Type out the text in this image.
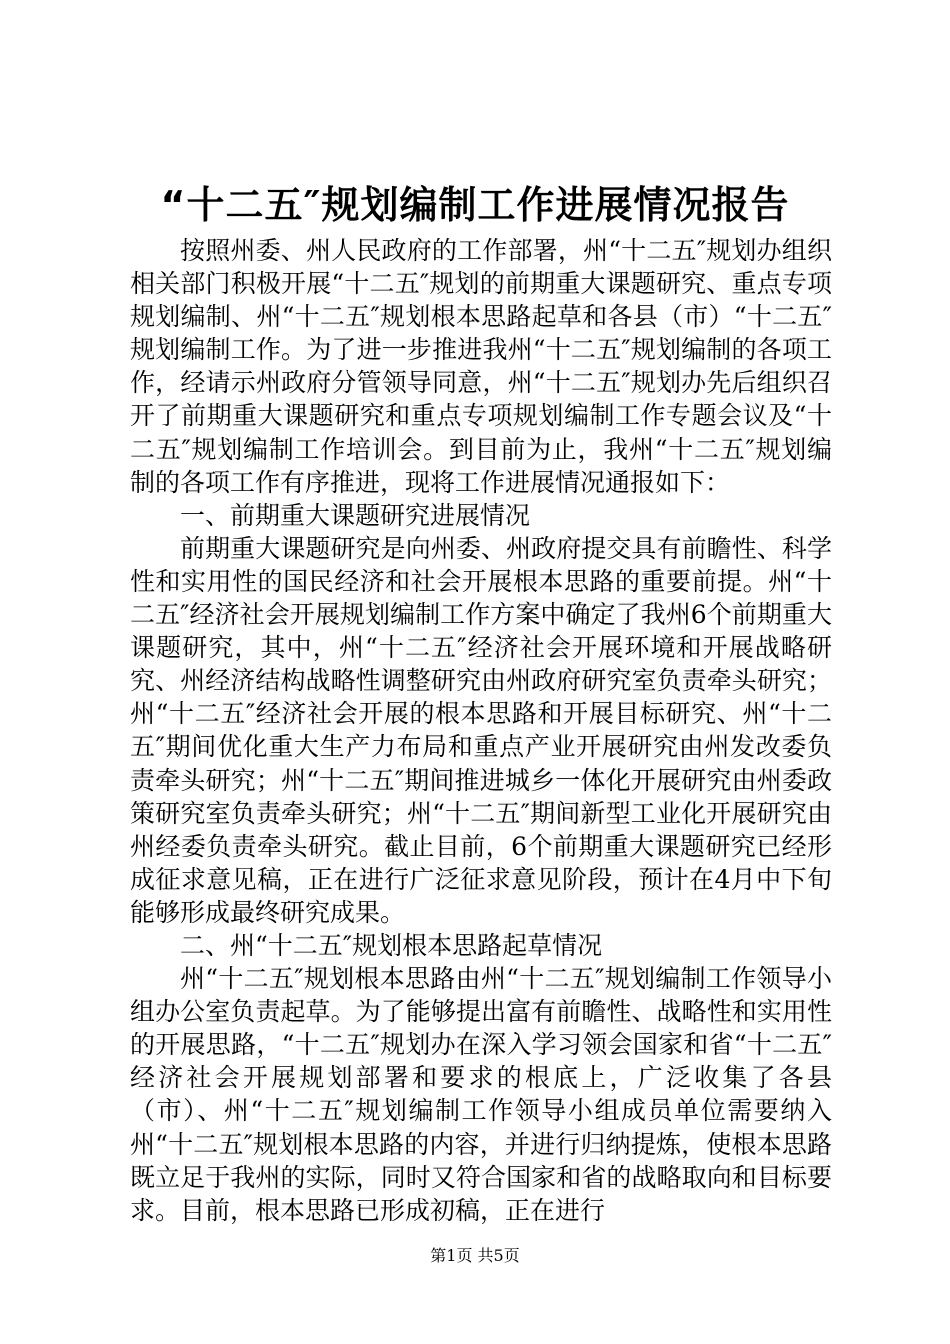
“十二五″规划编制工作进展情况报告

按照州委、州人民政府的工作部署，州“十二五″规划办组织相关部门积极开展“十二五″规划的前期重大课题研究、重点专项规划编制、州“十二五″规划根本思路起草和各县（市）“十二五″规划编制工作。为了进一步推进我州“十二五″规划编制的各项工作，经请示州政府分管领导同意，州“十二五″规划办先后组织召开了前期重大课题研究和重点专项规划编制工作专题会议及“十二五″规划编制工作培训会。到目前为止，我州“十二五″规划编制的各项工作有序推进，现将工作进展情况通报如下：

一、前期重大课题研究进展情况

前期重大课题研究是向州委、州政府提交具有前瞻性、科学性和实用性的国民经济和社会开展根本思路的重要前提。州“十二五″经济社会开展规划编制工作方案中确定了我州6个前期重大课题研究，其中，州“十二五″经济社会开展环境和开展战略研究、州经济结构战略性调整研究由州政府研究室负责牵头研究；州“十二五″经济社会开展的根本思路和开展目标研究、州“十二五″期间优化重大生产力布局和重点产业开展研究由州发改委负责牵头研究；州“十二五″期间推进城乡一体化开展研究由州委政策研究室负责牵头研究；州“十二五″期间新型工业化开展研究由州经委负责牵头研究。截止目前，6个前期重大课题研究已经形成征求意见稿，正在进行广泛征求意见阶段，预计在4月中下旬能够形成最终研究成果。

二、州“十二五″规划根本思路起草情况

州“十二五″规划根本思路由州“十二五″规划编制工作领导小组办公室负责起草。为了能够提出富有前瞻性、战略性和实用性的开展思路，“十二五″规划办在深入学习领会国家和省“十二五″经济社会开展规划部署和要求的根底上，广泛收集了各县（市）、州“十二五″规划编制工作领导小组成员单位需要纳入州“十二五″规划根本思路的内容，并进行归纳提炼，使根本思路既立足于我州的实际，同时又符合国家和省的战略取向和目标要求。目前，根本思路已形成初稿，正在进行

第1页 共5页
